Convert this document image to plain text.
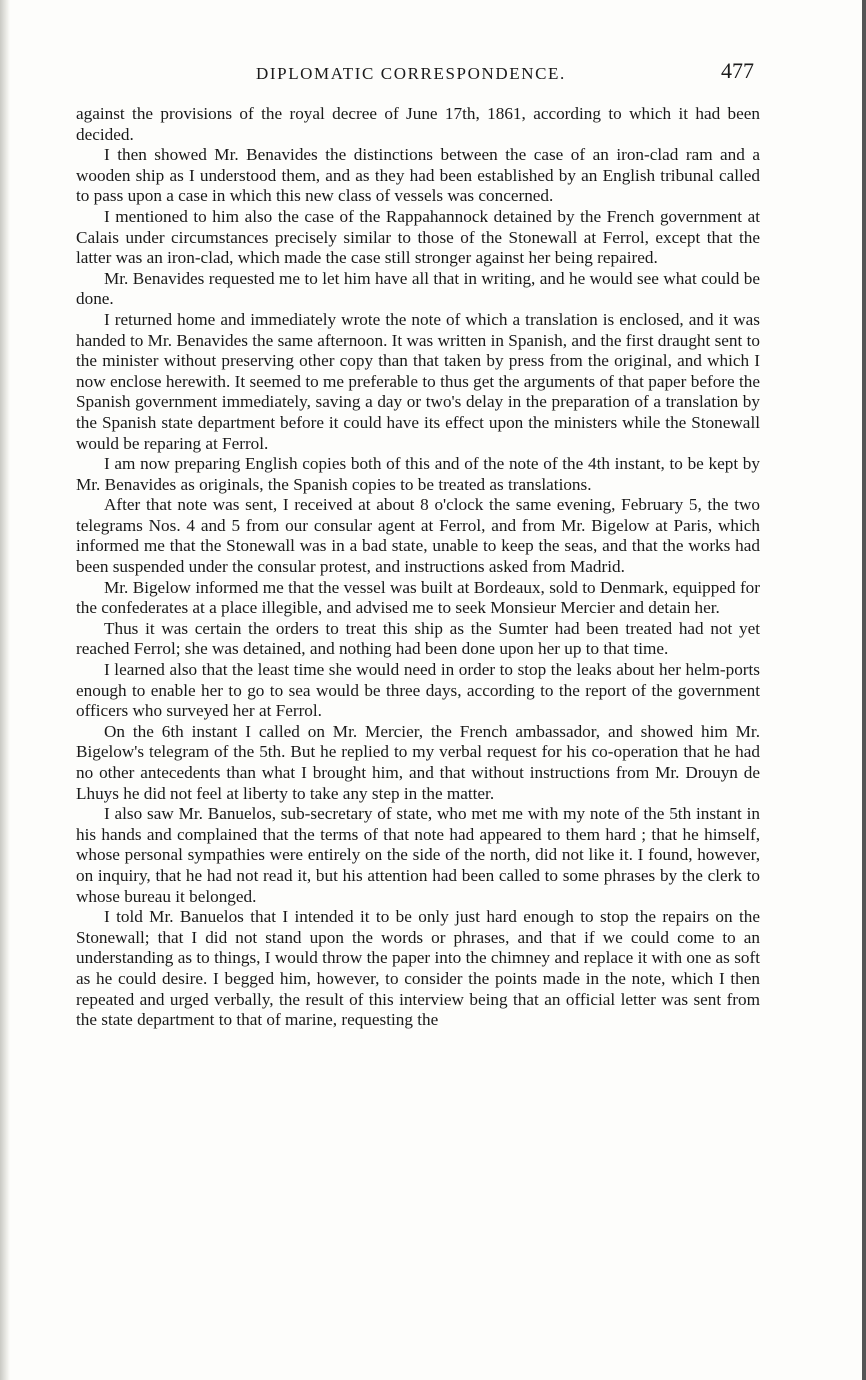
DIPLOMATIC CORRESPONDENCE.	477

against the provisions of the royal decree of June 17th, 1861, according to which it had been decided.

I then showed Mr. Benavides the distinctions between the case of an iron-clad ram and a wooden ship as I understood them, and as they had been established by an English tribunal called to pass upon a case in which this new class of vessels was concerned.

I mentioned to him also the case of the Rappahannock detained by the French government at Calais under circumstances precisely similar to those of the Stonewall at Ferrol, except that the latter was an iron-clad, which made the case still stronger against her being repaired.

Mr. Benavides requested me to let him have all that in writing, and he would see what could be done.

I returned home and immediately wrote the note of which a translation is enclosed, and it was handed to Mr. Benavides the same afternoon. It was written in Spanish, and the first draught sent to the minister without preserving other copy than that taken by press from the original, and which I now enclose herewith. It seemed to me preferable to thus get the arguments of that paper before the Spanish government immediately, saving a day or two's delay in the preparation of a translation by the Spanish state department before it could have its effect upon the ministers while the Stonewall would be reparing at Ferrol.

I am now preparing English copies both of this and of the note of the 4th instant, to be kept by Mr. Benavides as originals, the Spanish copies to be treated as translations.

After that note was sent, I received at about 8 o'clock the same evening, February 5, the two telegrams Nos. 4 and 5 from our consular agent at Ferrol, and from Mr. Bigelow at Paris, which informed me that the Stonewall was in a bad state, unable to keep the seas, and that the works had been suspended under the consular protest, and instructions asked from Madrid.

Mr. Bigelow informed me that the vessel was built at Bordeaux, sold to Denmark, equipped for the confederates at a place illegible, and advised me to seek Monsieur Mercier and detain her.

Thus it was certain the orders to treat this ship as the Sumter had been treated had not yet reached Ferrol; she was detained, and nothing had been done upon her up to that time.

I learned also that the least time she would need in order to stop the leaks about her helm-ports enough to enable her to go to sea would be three days, according to the report of the government officers who surveyed her at Ferrol.

On the 6th instant I called on Mr. Mercier, the French ambassador, and showed him Mr. Bigelow's telegram of the 5th. But he replied to my verbal request for his co-operation that he had no other antecedents than what I brought him, and that without instructions from Mr. Drouyn de Lhuys he did not feel at liberty to take any step in the matter.

I also saw Mr. Banuelos, sub-secretary of state, who met me with my note of the 5th instant in his hands and complained that the terms of that note had appeared to them hard ; that he himself, whose personal sympathies were entirely on the side of the north, did not like it. I found, however, on inquiry, that he had not read it, but his attention had been called to some phrases by the clerk to whose bureau it belonged.

I told Mr. Banuelos that I intended it to be only just hard enough to stop the repairs on the Stonewall; that I did not stand upon the words or phrases, and that if we could come to an understanding as to things, I would throw the paper into the chimney and replace it with one as soft as he could desire. I begged him, however, to consider the points made in the note, which I then repeated and urged verbally, the result of this interview being that an official letter was sent from the state department to that of marine, requesting the
